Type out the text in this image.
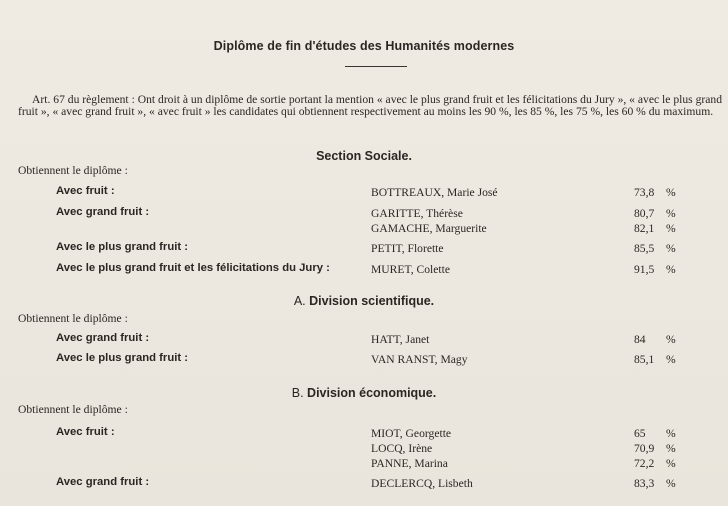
Diplôme de fin d'études des Humanités modernes
Art. 67 du règlement : Ont droit à un diplôme de sortie portant la mention « avec le plus grand fruit et les félicitations du Jury », « avec le plus grand fruit », « avec grand fruit », « avec fruit » les candidates qui obtiennent respectivement au moins les 90 %, les 85 %, les 75 %, les 60 % du maximum.
Section Sociale.
Obtiennent le diplôme :
Avec fruit :	BOTTREAUX, Marie José	73,8 %
Avec grand fruit :	GARITTE, Thérèse	80,7 %
GAMACHE, Marguerite	82,1 %
Avec le plus grand fruit :	PETIT, Florette	85,5 %
Avec le plus grand fruit et les félicitations du Jury :	MURET, Colette	91,5 %
A. Division scientifique.
Obtiennent le diplôme :
Avec grand fruit :	HATT, Janet	84 %
Avec le plus grand fruit :	VAN RANST, Magy	85,1 %
B. Division économique.
Obtiennent le diplôme :
Avec fruit :	MIOT, Georgette	65 %
LOCQ, Irène	70,9 %
PANNE, Marina	72,2 %
Avec grand fruit :	DECLERCQ, Lisbeth	83,3 %
